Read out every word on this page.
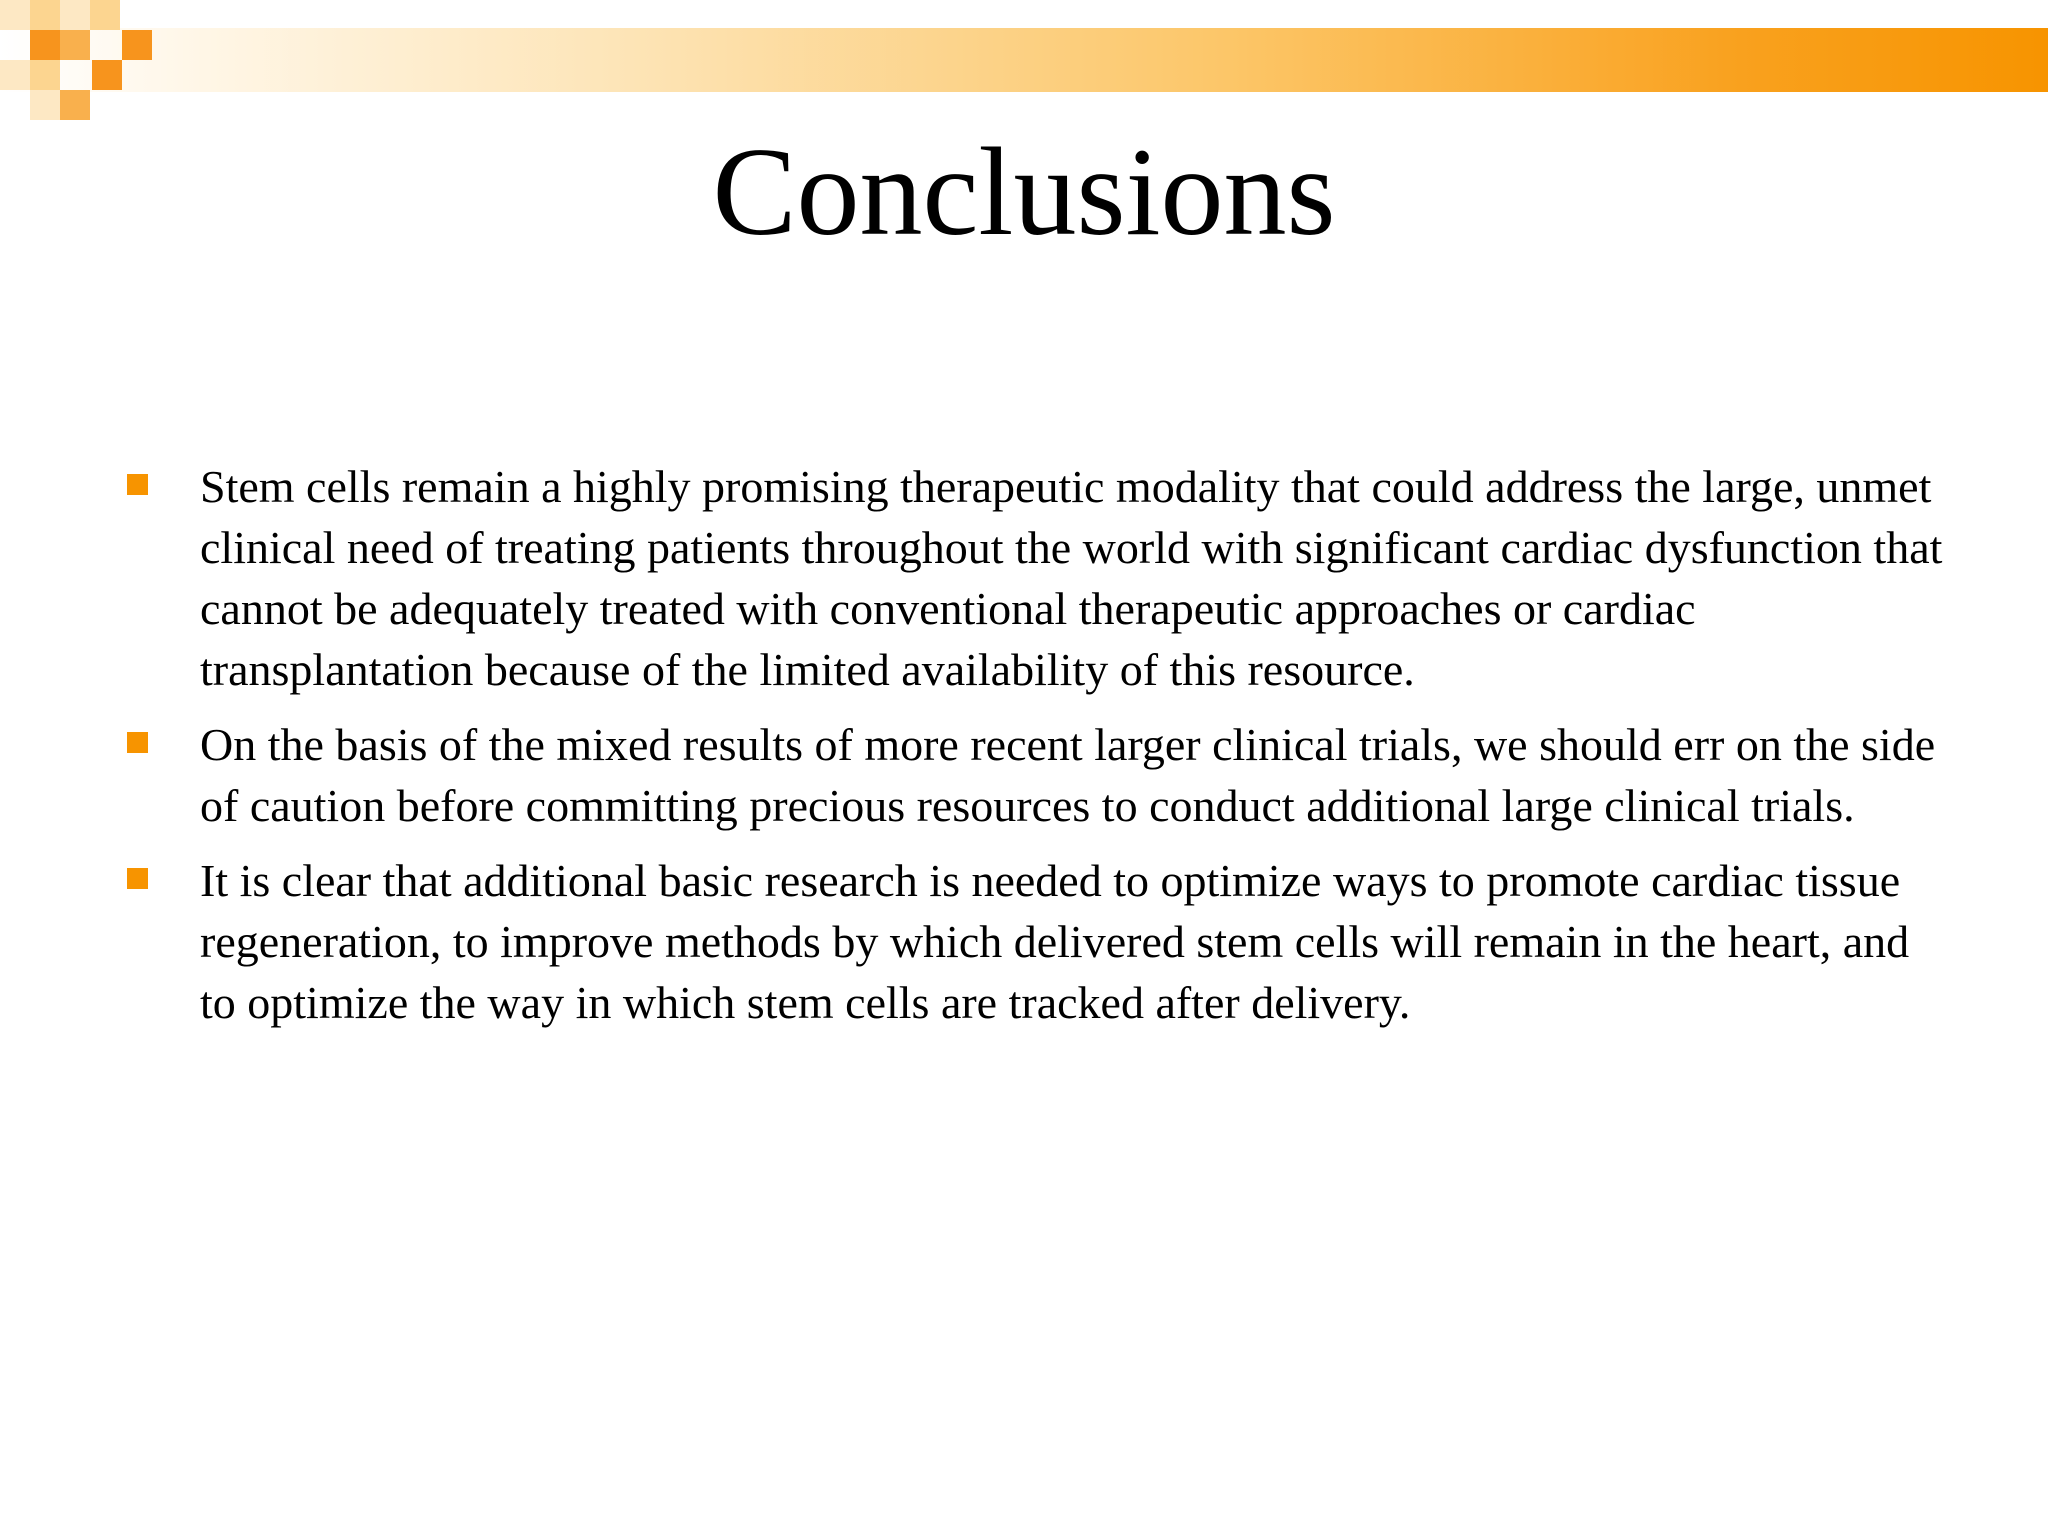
Conclusions
Stem cells remain a highly promising therapeutic modality that could address the large, unmet clinical need of treating patients throughout the world with significant cardiac dysfunction that cannot be adequately treated with conventional therapeutic approaches or cardiac transplantation because of the limited availability of this resource.
On the basis of the mixed results of more recent larger clinical trials, we should err on the side of caution before committing precious resources to conduct additional large clinical trials.
It is clear that additional basic research is needed to optimize ways to promote cardiac tissue regeneration, to improve methods by which delivered stem cells will remain in the heart, and to optimize the way in which stem cells are tracked after delivery.
